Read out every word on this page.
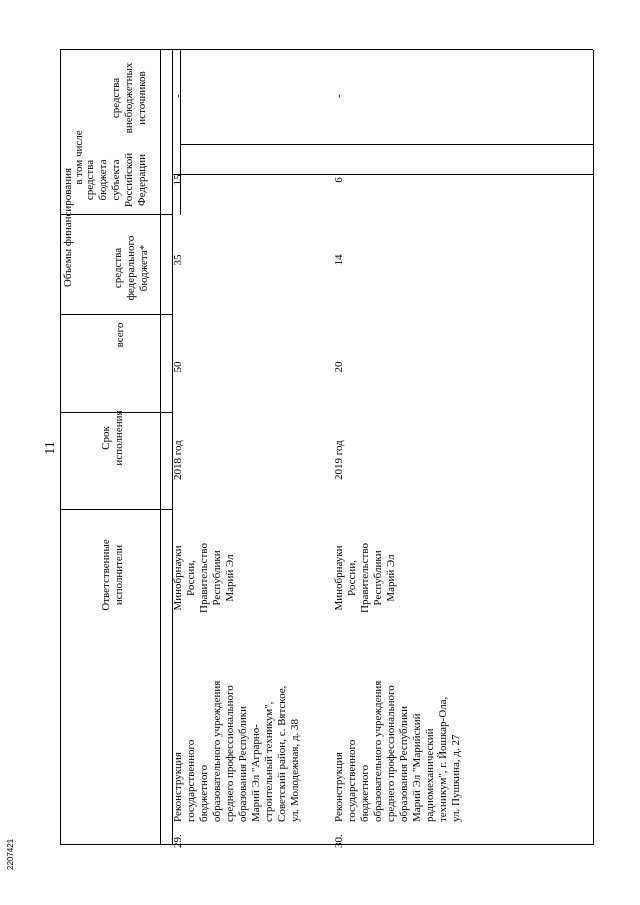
Ответственные исполнители
Срок исполнения
всего
Объемы финансирования
в том числе
средства федерального бюджета*
средства бюджета субъекта Российской Федерации
средства внебюджетных источников
29.
Реконструкция государственного бюджетного образовательного учреждения среднего профессионального образования Республики Марий Эл "Аграрно- строительный техникум", Советский район, с. Вятское, ул. Молодежная, д. 38
Минобрнауки России, Правительство Республики Марий Эл
2018 год
50
35
15
-
30.
Реконструкция государственного бюджетного образовательного учреждения среднего профессионального образования Республики Марий Эл "Марийский радиомеханический техникум", г. Йошкар-Ола, ул. Пушкина, д. 27
Минобрнауки России, Правительство Республики Марий Эл
2019 год
20
14
6
-
2207421
11
